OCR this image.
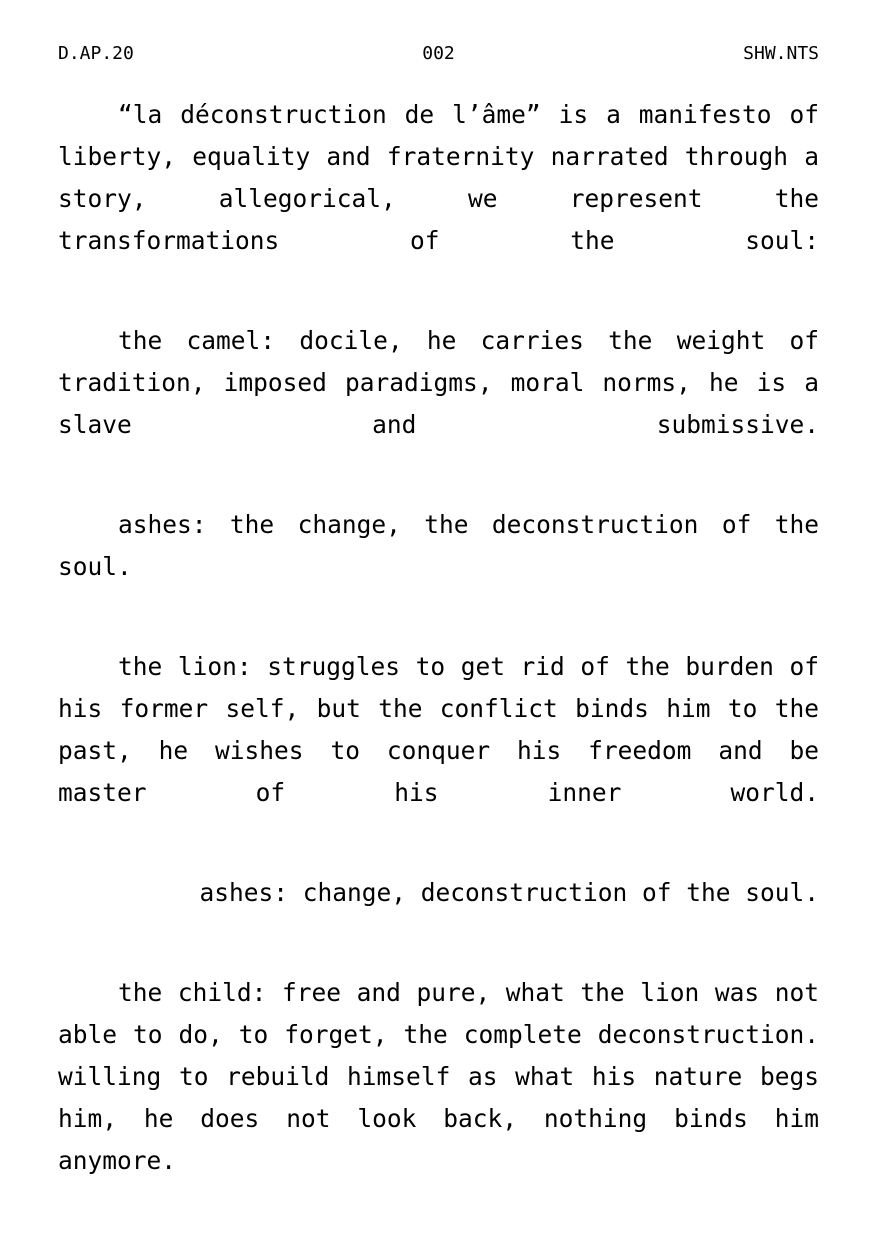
D.AP.20	002	SHW.NTS

“la déconstruction de l’âme” is a manifesto of liberty, equality and fraternity narrated through a story, allegorical, we represent the transformations of the soul:

the camel: docile, he carries the weight of tradition, imposed paradigms, moral norms, he is a slave and submissive.

ashes: the change, the deconstruction of the soul.

the lion: struggles to get rid of the burden of his former self, but the conflict binds him to the past, he wishes to conquer his freedom and be master of his inner world.

ashes: change, deconstruction of the soul.

the child: free and pure, what the lion was not able to do, to forget, the complete deconstruction. willing to rebuild himself as what his nature begs him, he does not look back, nothing binds him anymore.
